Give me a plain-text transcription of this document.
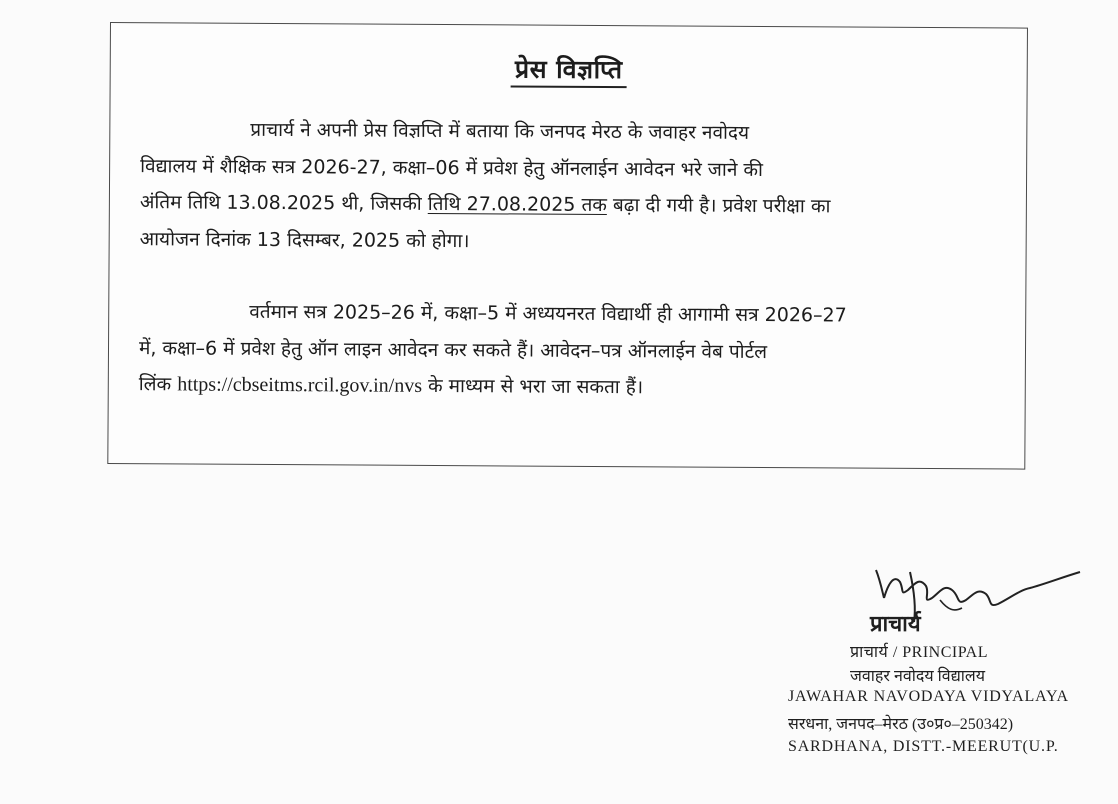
प्रेस विज्ञप्ति
प्राचार्य ने अपनी प्रेस विज्ञप्ति में बताया कि जनपद मेरठ के जवाहर नवोदय
विद्यालय में शैक्षिक सत्र 2026-27, कक्षा–06 में प्रवेश हेतु ऑनलाईन आवेदन भरे जाने की
अंतिम तिथि 13.08.2025 थी, जिसकी तिथि 27.08.2025 तक बढ़ा दी गयी है। प्रवेश परीक्षा का
आयोजन दिनांक 13 दिसम्बर, 2025 को होगा।
वर्तमान सत्र 2025–26 में, कक्षा–5 में अध्ययनरत विद्यार्थी ही आगामी सत्र 2026–27
में, कक्षा–6 में प्रवेश हेतु ऑन लाइन आवेदन कर सकते हैं। आवेदन–पत्र ऑनलाईन वेब पोर्टल
लिंक https://cbseitms.rcil.gov.in/nvs के माध्यम से भरा जा सकता हैं।
प्राचार्य
प्राचार्य / PRINCIPAL
जवाहर नवोदय विद्यालय
JAWAHAR NAVODAYA VIDYALAYA
सरधना, जनपद–मेरठ (उ०प्र०–250342)
SARDHANA, DISTT.-MEERUT(U.P.
